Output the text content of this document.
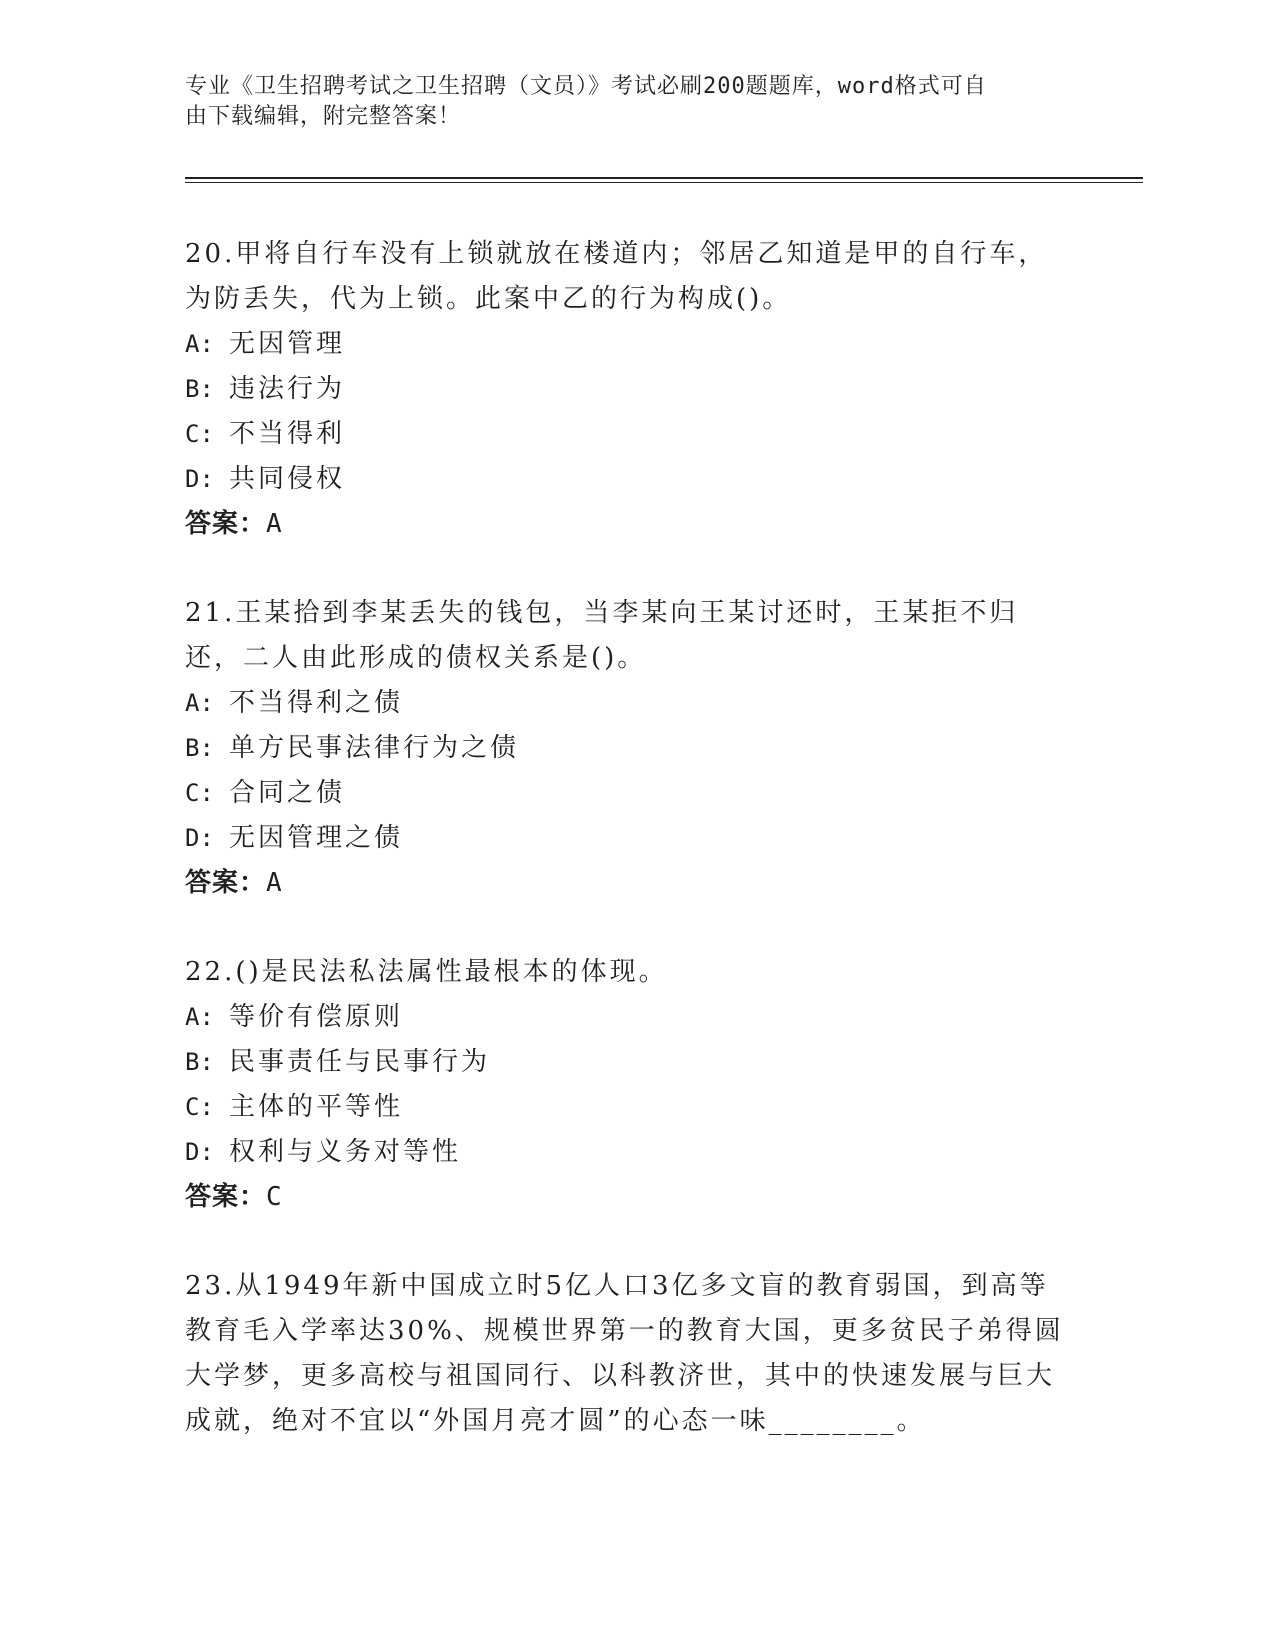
专业《卫生招聘考试之卫生招聘（文员）》考试必刷200题题库，word格式可自
由下载编辑，附完整答案！

20.甲将自行车没有上锁就放在楼道内；邻居乙知道是甲的自行车，为防丢失，代为上锁。此案中乙的行为构成()。

A: 无因管理

B: 违法行为

C: 不当得利

D: 共同侵权

答案：A

21.王某拾到李某丢失的钱包，当李某向王某讨还时，王某拒不归还，二人由此形成的债权关系是()。

A: 不当得利之债

B: 单方民事法律行为之债

C: 合同之债

D: 无因管理之债

答案：A

22.()是民法私法属性最根本的体现。

A: 等价有偿原则

B: 民事责任与民事行为

C: 主体的平等性

D: 权利与义务对等性

答案：C

23.从1949年新中国成立时5亿人口3亿多文盲的教育弱国，到高等教育毛入学率达30%、规模世界第一的教育大国，更多贫民子弟得圆大学梦，更多高校与祖国同行、以科教济世，其中的快速发展与巨大成就，绝对不宜以“外国月亮才圆”的心态一味________。
